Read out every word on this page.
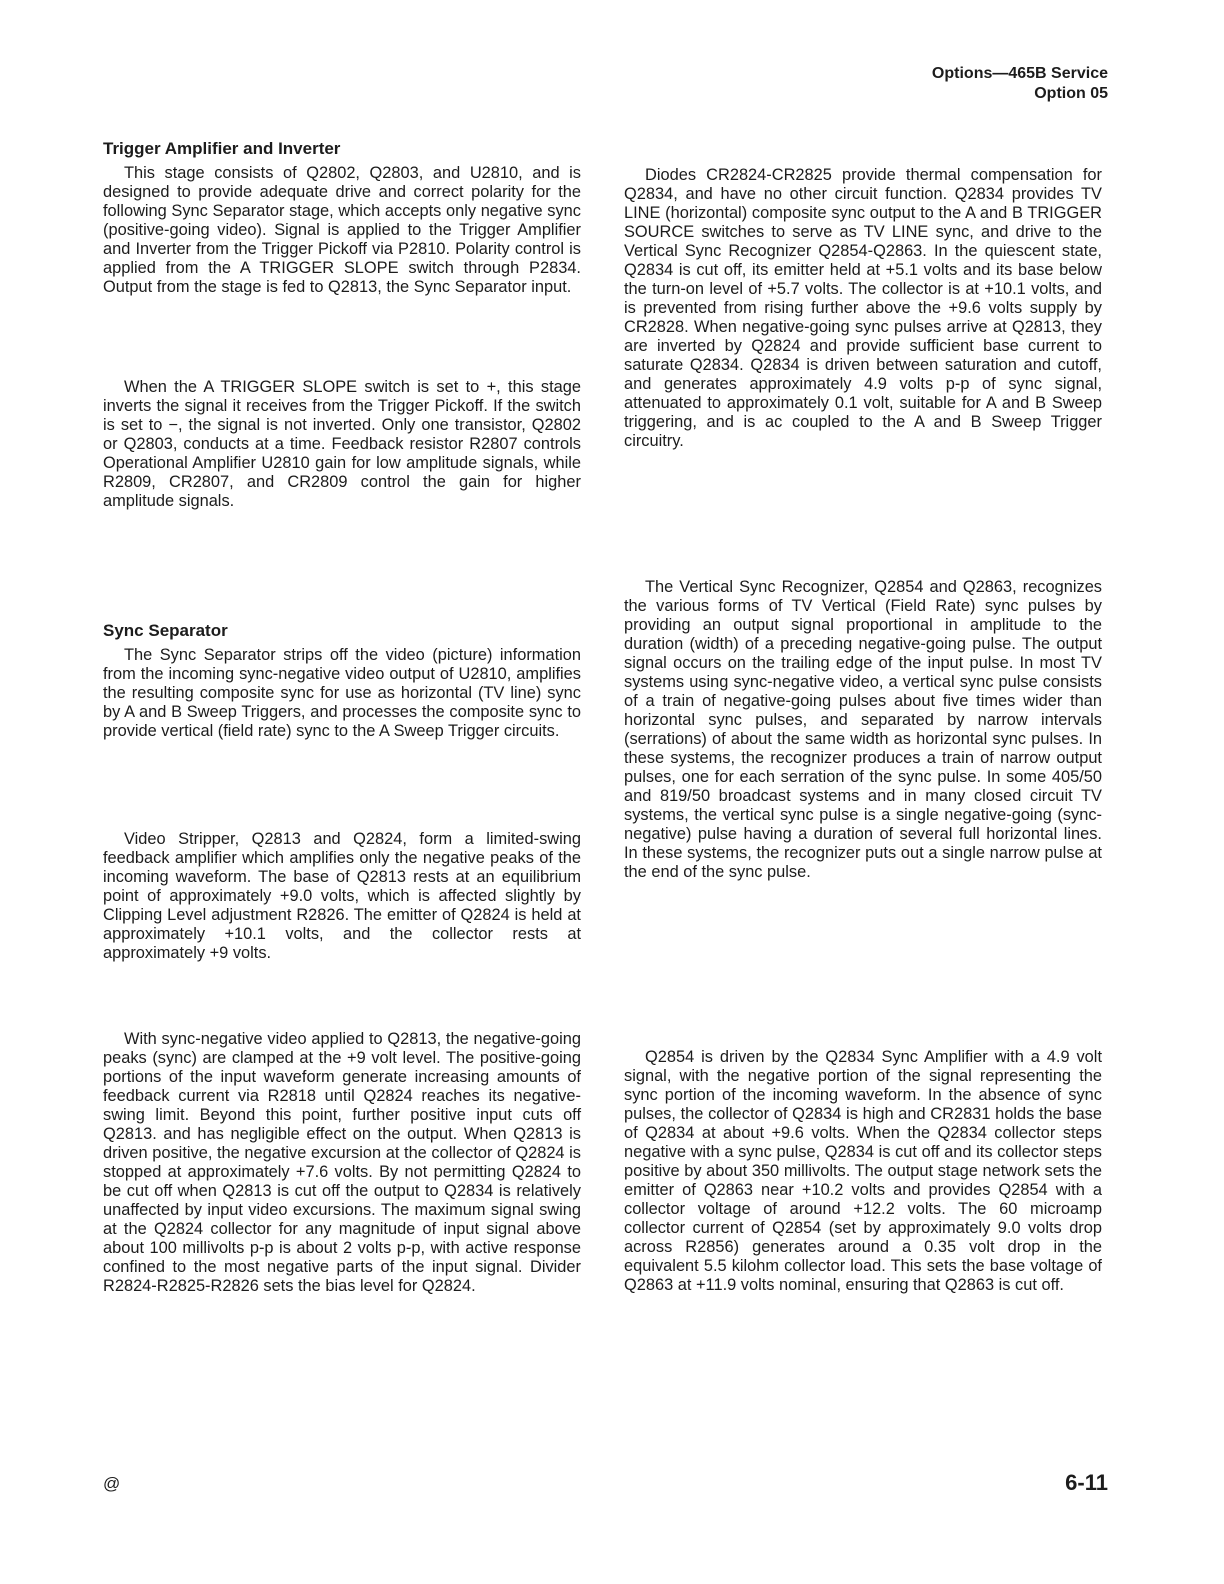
Options—465B Service
Option 05
Trigger Amplifier and Inverter

This stage consists of Q2802, Q2803, and U2810, and is designed to provide adequate drive and correct polarity for the following Sync Separator stage, which accepts only negative sync (positive-going video). Signal is applied to the Trigger Amplifier and Inverter from the Trigger Pickoff via P2810. Polarity control is applied from the A TRIGGER SLOPE switch through P2834. Output from the stage is fed to Q2813, the Sync Separator input.

When the A TRIGGER SLOPE switch is set to +, this stage inverts the signal it receives from the Trigger Pickoff. If the switch is set to −, the signal is not inverted. Only one transistor, Q2802 or Q2803, conducts at a time. Feedback resistor R2807 controls Operational Amplifier U2810 gain for low amplitude signals, while R2809, CR2807, and CR2809 control the gain for higher amplitude signals.

Sync Separator

The Sync Separator strips off the video (picture) information from the incoming sync-negative video output of U2810, amplifies the resulting composite sync for use as horizontal (TV line) sync by A and B Sweep Triggers, and processes the composite sync to provide vertical (field rate) sync to the A Sweep Trigger circuits.

Video Stripper, Q2813 and Q2824, form a limited-swing feedback amplifier which amplifies only the negative peaks of the incoming waveform. The base of Q2813 rests at an equilibrium point of approximately +9.0 volts, which is affected slightly by Clipping Level adjustment R2826. The emitter of Q2824 is held at approximately +10.1 volts, and the collector rests at approximately +9 volts.

With sync-negative video applied to Q2813, the negative-going peaks (sync) are clamped at the +9 volt level. The positive-going portions of the input waveform generate increasing amounts of feedback current via R2818 until Q2824 reaches its negative-swing limit. Beyond this point, further positive input cuts off Q2813. and has negligible effect on the output. When Q2813 is driven positive, the negative excursion at the collector of Q2824 is stopped at approximately +7.6 volts. By not permitting Q2824 to be cut off when Q2813 is cut off the output to Q2834 is relatively unaffected by input video excursions. The maximum signal swing at the Q2824 collector for any magnitude of input signal above about 100 millivolts p-p is about 2 volts p-p, with active response confined to the most negative parts of the input signal. Divider R2824-R2825-R2826 sets the bias level for Q2824.

Diodes CR2824-CR2825 provide thermal compensation for Q2834, and have no other circuit function. Q2834 provides TV LINE (horizontal) composite sync output to the A and B TRIGGER SOURCE switches to serve as TV LINE sync, and drive to the Vertical Sync Recognizer Q2854-Q2863. In the quiescent state, Q2834 is cut off, its emitter held at +5.1 volts and its base below the turn-on level of +5.7 volts. The collector is at +10.1 volts, and is prevented from rising further above the +9.6 volts supply by CR2828. When negative-going sync pulses arrive at Q2813, they are inverted by Q2824 and provide sufficient base current to saturate Q2834. Q2834 is driven between saturation and cutoff, and generates approximately 4.9 volts p-p of sync signal, attenuated to approximately 0.1 volt, suitable for A and B Sweep triggering, and is ac coupled to the A and B Sweep Trigger circuitry.

The Vertical Sync Recognizer, Q2854 and Q2863, recognizes the various forms of TV Vertical (Field Rate) sync pulses by providing an output signal proportional in amplitude to the duration (width) of a preceding negative-going pulse. The output signal occurs on the trailing edge of the input pulse. In most TV systems using sync-negative video, a vertical sync pulse consists of a train of negative-going pulses about five times wider than horizontal sync pulses, and separated by narrow intervals (serrations) of about the same width as horizontal sync pulses. In these systems, the recognizer produces a train of narrow output pulses, one for each serration of the sync pulse. In some 405/50 and 819/50 broadcast systems and in many closed circuit TV systems, the vertical sync pulse is a single negative-going (sync-negative) pulse having a duration of several full horizontal lines. In these systems, the recognizer puts out a single narrow pulse at the end of the sync pulse.

Q2854 is driven by the Q2834 Sync Amplifier with a 4.9 volt signal, with the negative portion of the signal representing the sync portion of the incoming waveform. In the absence of sync pulses, the collector of Q2834 is high and CR2831 holds the base of Q2834 at about +9.6 volts. When the Q2834 collector steps negative with a sync pulse, Q2834 is cut off and its collector steps positive by about 350 millivolts. The output stage network sets the emitter of Q2863 near +10.2 volts and provides Q2854 with a collector voltage of around +12.2 volts. The 60 microamp collector current of Q2854 (set by approximately 9.0 volts drop across R2856) generates around a 0.35 volt drop in the equivalent 5.5 kilohm collector load. This sets the base voltage of Q2863 at +11.9 volts nominal, ensuring that Q2863 is cut off.

@	6-11
